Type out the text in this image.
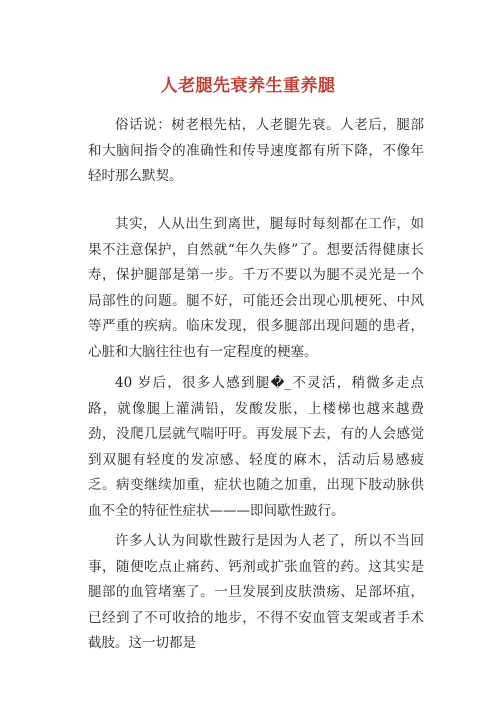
人老腿先衰养生重养腿

俗话说：树老根先枯，人老腿先衰。人老后，腿部和大脑间指令的准确性和传导速度都有所下降，不像年轻时那么默契。

其实，人从出生到离世，腿每时每刻都在工作，如果不注意保护，自然就“年久失修”了。想要活得健康长寿，保护腿部是第一步。千万不要以为腿不灵光是一个局部性的问题。腿不好，可能还会出现心肌梗死、中风等严重的疾病。临床发现，很多腿部出现问题的患者，心脏和大脑往往也有一定程度的梗塞。

40 岁后，很多人感到腿�_不灵活，稍微多走点路，就像腿上灌满铅，发酸发胀，上楼梯也越来越费劲，没爬几层就气喘吁吁。再发展下去，有的人会感觉到双腿有轻度的发凉感、轻度的麻木，活动后易感疲乏。病变继续加重，症状也随之加重，出现下肢动脉供血不全的特征性症状———即间歇性跛行。

许多人认为间歇性跛行是因为人老了，所以不当回事，随便吃点止痛药、钙剂或扩张血管的药。这其实是腿部的血管堵塞了。一旦发展到皮肤溃疡、足部坏疽，已经到了不可收拾的地步，不得不安血管支架或者手术截肢。这一切都是
